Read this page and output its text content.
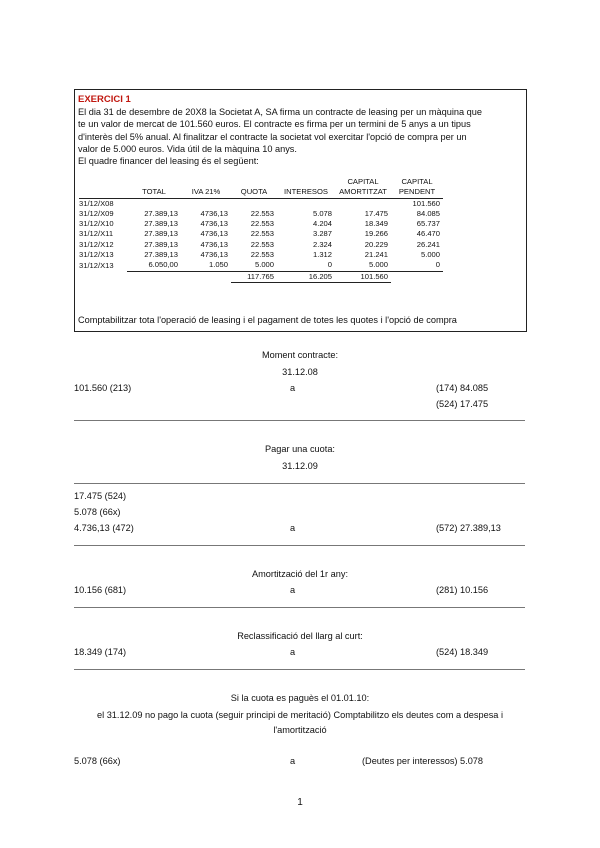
EXERCICI 1
El dia 31 de desembre de 20X8 la Societat A, SA firma un contracte de leasing per un màquina que
te un valor de mercat de 101.560 euros. El contracte es firma per un termini de 5 anys a un tipus
d'interès del 5% anual. Al finalitzar el contracte la societat vol exercitar l'opció de compra per un
valor de 5.000 euros. Vida útil de la màquina 10 anys.
El quadre financer del leasing és el següent:
					CAPITAL	CAPITAL
	TOTAL	IVA 21%	QUOTA	INTERESOS	AMORTITZAT	PENDENT
31/12/X08						101.560
31/12/X09	27.389,13	4736,13	22.553	5.078	17.475	84.085
31/12/X10	27.389,13	4736,13	22.553	4.204	18.349	65.737
31/12/X11	27.389,13	4736,13	22.553	3.287	19.266	46.470
31/12/X12	27.389,13	4736,13	22.553	2.324	20.229	26.241
31/12/X13	27.389,13	4736,13	22.553	1.312	21.241	5.000
31/12/X13	6.050,00	1.050	5.000	0	5.000	0
			117.765	16.205	101.560	
Comptabilitzar tota l'operació de leasing i el pagament de totes les quotes i l'opció de compra
Moment contracte:
31.12.08
101.560 (213)	a	(174) 84.085
(524) 17.475
Pagar una cuota:
31.12.09
17.475 (524)
5.078 (66x)
4.736,13 (472)	a	(572) 27.389,13
Amortització del 1r any:
10.156 (681)	a	(281) 10.156
Reclassificació del llarg al curt:
18.349 (174)	a	(524) 18.349
Si la cuota es paguès el 01.01.10:
el 31.12.09 no pago la cuota (seguir principi de meritació) Comptabilitzo els deutes com a despesa i
l'amortització
5.078 (66x)	a	(Deutes per interessos) 5.078
1
